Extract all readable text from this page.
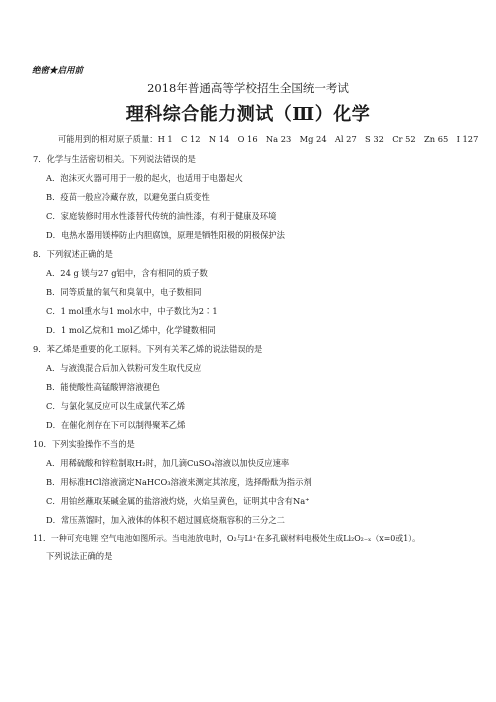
绝密★启用前
2018年普通高等学校招生全国统一考试
理科综合能力测试（Ⅲ）化学
可能用到的相对原子质量：H 1　C 12　N 14　O 16　Na 23　Mg 24　Al 27　S 32　Cr 52　Zn 65　I 127
7．化学与生活密切相关。下列说法错误的是
A．泡沫灭火器可用于一般的起火，也适用于电器起火
B．疫苗一般应冷藏存放，以避免蛋白质变性
C．家庭装修时用水性漆替代传统的油性漆，有利于健康及环境
D．电热水器用镁棒防止内胆腐蚀，原理是牺牲阳极的阴极保护法
8．下列叙述正确的是
A．24 g 镁与27 g铝中，含有相同的质子数
B．同等质量的氧气和臭氧中，电子数相同
C．1 mol重水与1 mol水中，中子数比为2∶1
D．1 mol乙烷和1 mol乙烯中，化学键数相同
9．苯乙烯是重要的化工原料。下列有关苯乙烯的说法错误的是
A．与液溴混合后加入铁粉可发生取代反应
B．能使酸性高锰酸钾溶液褪色
C．与氯化氢反应可以生成氯代苯乙烯
D．在催化剂存在下可以制得聚苯乙烯
10．下列实验操作不当的是
A．用稀硫酸和锌粒制取H₂时，加几滴CuSO₄溶液以加快反应速率
B．用标准HCl溶液滴定NaHCO₃溶液来测定其浓度，选择酚酞为指示剂
C．用铂丝蘸取某碱金属的盐溶液灼烧，火焰呈黄色，证明其中含有Na⁺
D．常压蒸馏时，加入液体的体积不超过圆底烧瓶容积的三分之二
11．一种可充电锂 空气电池如图所示。当电池放电时，O₂与Li⁺在多孔碳材料电极处生成Li₂O₂₋ₓ（x=0或1）。
下列说法正确的是
